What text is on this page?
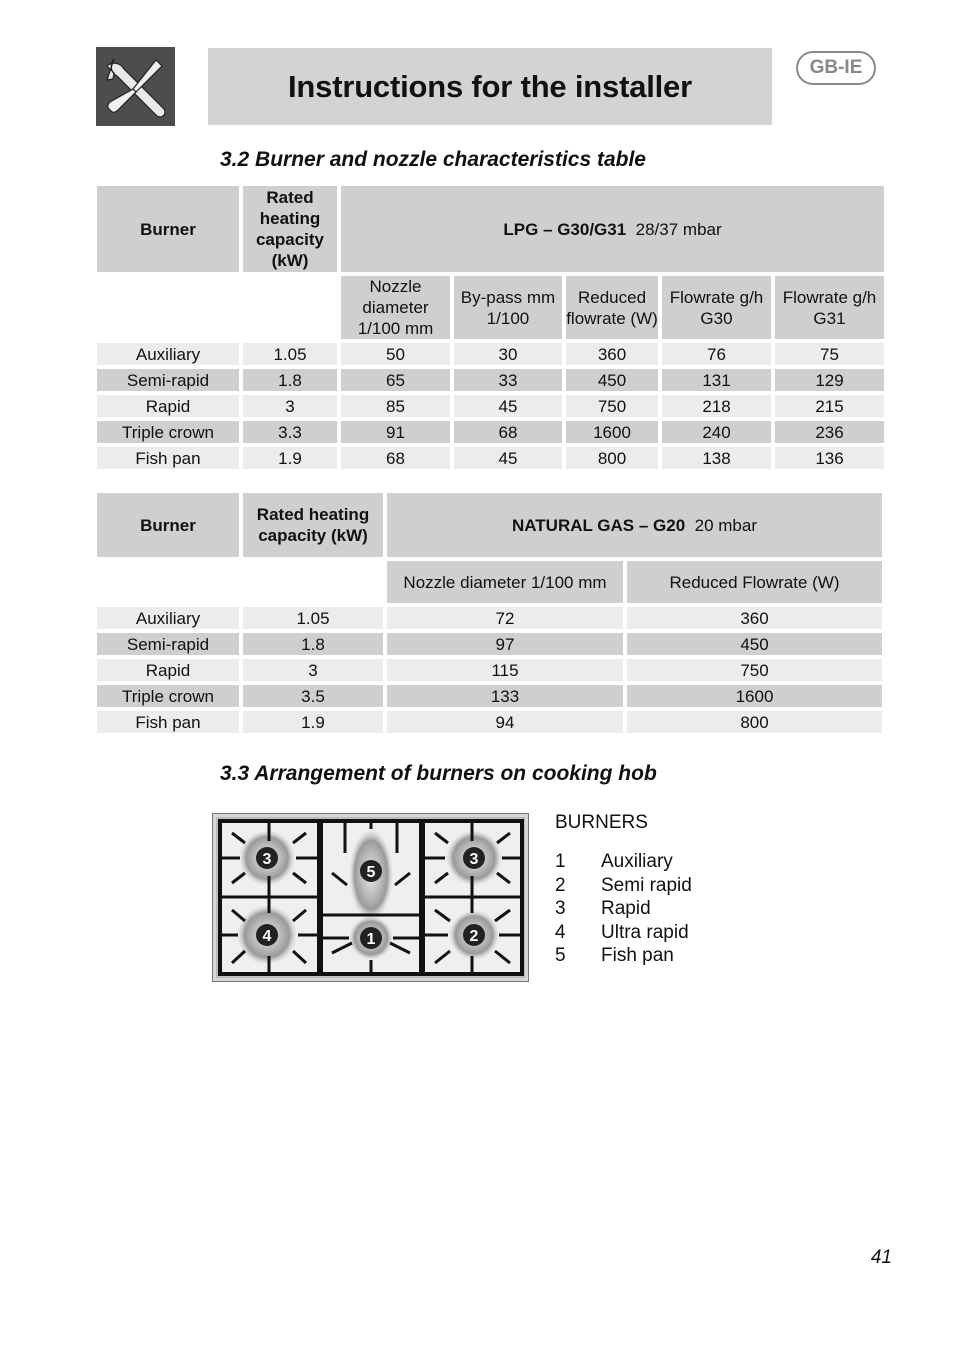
Instructions for the installer
GB-IE
3.2 Burner and nozzle characteristics table
Burner	Rated heating capacity (kW)	LPG – G30/G31 28/37 mbar				
		Nozzle diameter 1/100 mm	By-pass mm 1/100	Reduced flowrate (W)	Flowrate g/h G30	Flowrate g/h G31
Auxiliary	1.05	50	30	360	76	75
Semi-rapid	1.8	65	33	450	131	129
Rapid	3	85	45	750	218	215
Triple crown	3.3	91	68	1600	240	236
Fish pan	1.9	68	45	800	138	136
Burner	Rated heating capacity (kW)	NATURAL GAS – G20 20 mbar	
		Nozzle diameter 1/100 mm	Reduced Flowrate (W)
Auxiliary	1.05	72	360
Semi-rapid	1.8	97	450
Rapid	3	115	750
Triple crown	3.5	133	1600
Fish pan	1.9	94	800
3.3 Arrangement of burners on cooking hob
3
5
3
4	1	2
BURNERS
1 Auxiliary
2 Semi rapid
3 Rapid
4 Ultra rapid
5 Fish pan
41
